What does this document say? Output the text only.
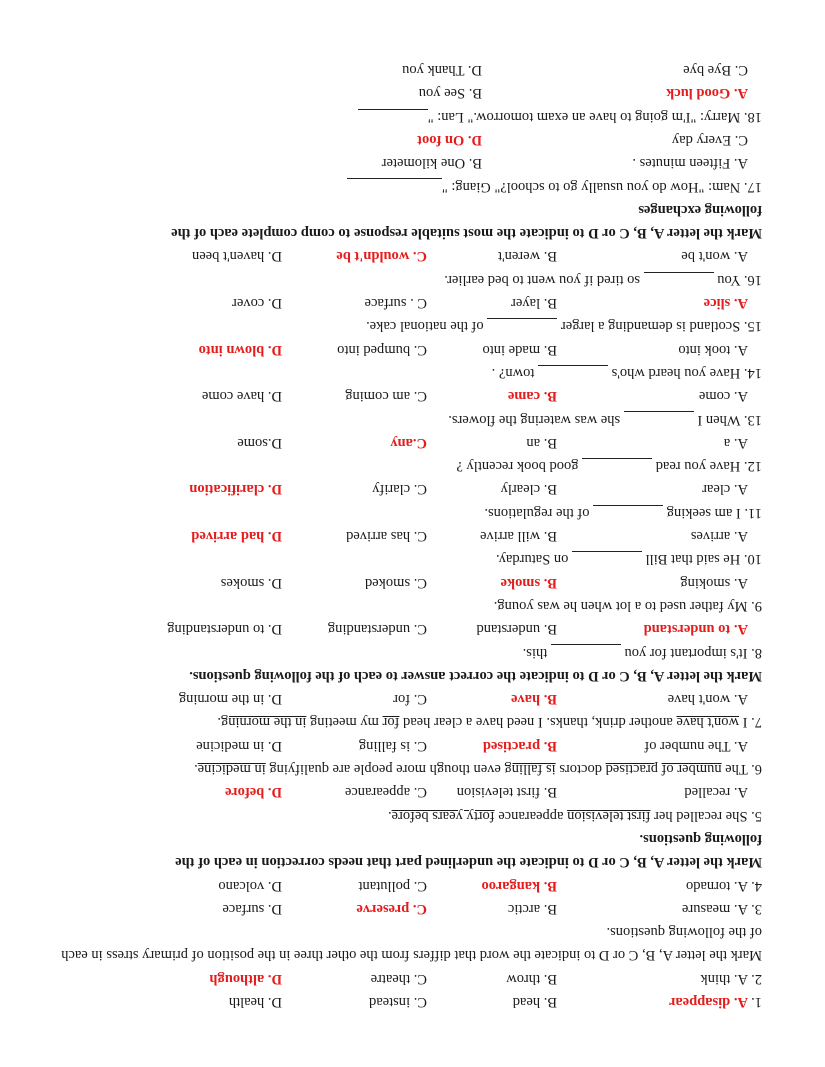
1.
A. disappear
B. head
C. instead
D. health
2.
A. think
B. throw
C. theatre
D. although
Mark the letter A, B, C or D to indicate the word that differs from the other three in the position of primary stress in each of the following questions.
3.
A. measure
B. arctic
C. preserve
D. surface
4.
A. tornado
B. kangaroo
C. pollutant
D. volcano
Mark the letter A, B, C or D to indicate the underlined part that needs correction in each of the
following questions.
5. She recalled her first television appearance forty years before.
A. recalled
B. first television
C. appearance
D. before
6. The number of practised doctors is falling even though more people are qualifying in medicine.
A. The number of
B. practised
C. is falling
D. in medicine
7. I won't have another drink, thanks. I need have a clear head for my meeting in the morning.
A. won't have
B. have
C. for
D. in the morning
Mark the letter A, B, C or D to indicate the correct answer to each of the following questions.
8. It's important for you  this.
A. to understand
B. understand
C. understanding
D. to understanding
9. My father used to a lot when he was young.
A. smoking
B. smoke
C. smoked
D. smokes
10. He said that Bill  on Saturday.
A. arrives
B. will arrive
C. has arrived
D. had arrived
11. I am seeking  of the regulations.
A. clear
B. clearly
C. clarify
D. clarification
12. Have you read  good book recently ?
A. a
B. an
C.any
D.some
13. When I  she was watering the flowers.
A. come
B. came
C. am coming
D. have come
14. Have you heard who's  town? .
A. took into
B. made into
C. bumped into
D. blown into
15. Scotland is demanding a larger  of the national cake.
A. slice
B. layer
C . surface
D. cover
16. You  so tired if you went to bed earlier.
A. won't be
B. weren't
C. wouldn't be
D. haven't been
Mark the letter A, B, C or D to indicate the most suitable response to comp complete each of the
following exchanges
17. Nam: "How do you usually go to school?" Giang: "
A. Fifteen minutes .
B. One kilometer
C. Every day
D. On foot
18. Marry: "I'm going to have an exam tomorrow." Lan: "
A. Good luck
B. See you
C. Bye bye
D. Thank you
